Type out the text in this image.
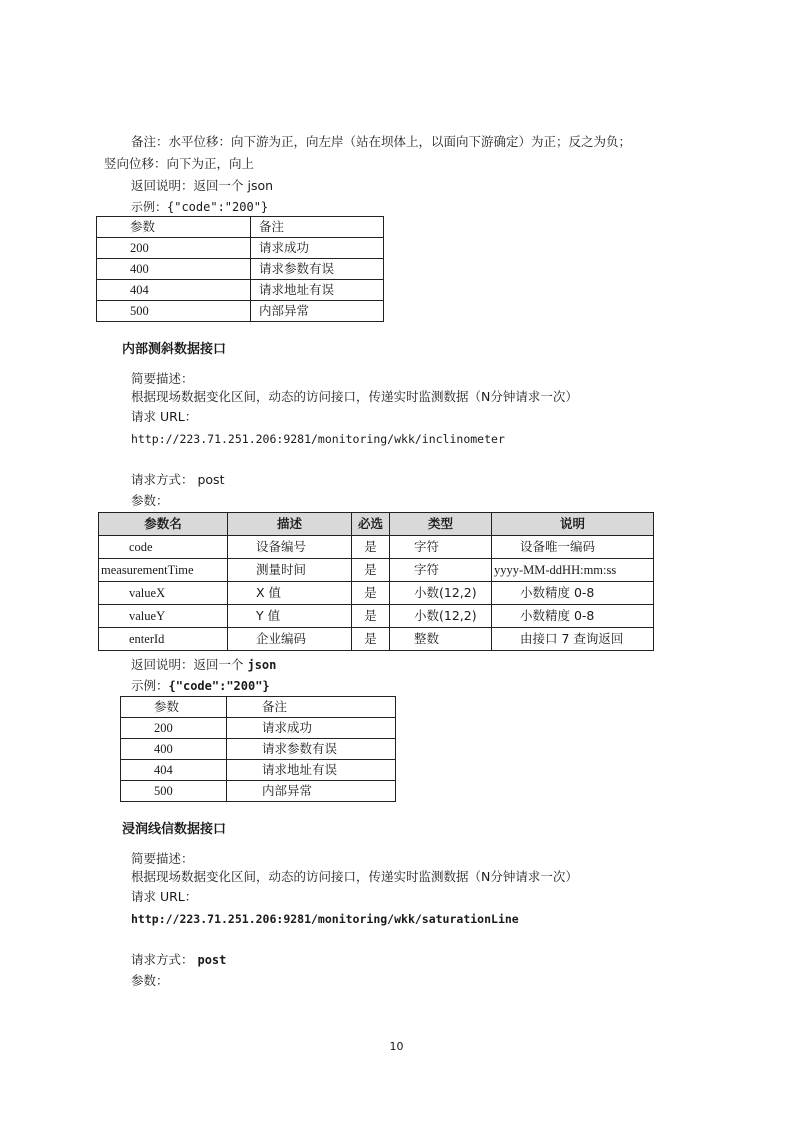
备注：水平位移：向下游为正，向左岸（站在坝体上，以面向下游确定）为正；反之为负；
竖向位移：向下为正，向上
返回说明：返回一个 json
示例：{"code":"200"}
参数	备注
200	请求成功
400	请求参数有误
404	请求地址有误
500	内部异常
内部测斜数据接口
简要描述：
根据现场数据变化区间，动态的访问接口，传递实时监测数据（N分钟请求一次）
请求 URL：
http://223.71.251.206:9281/monitoring/wkk/inclinometer
请求方式： post
参数：
参数名	描述	必选	类型	说明
code	设备编号	是	字符	设备唯一编码
measurementTime	测量时间	是	字符	yyyy-MM-ddHH:mm:ss
valueX	X 值	是	小数(12,2)	小数精度 0-8
valueY	Y 值	是	小数(12,2)	小数精度 0-8
enterId	企业编码	是	整数	由接口 7 查询返回
返回说明：返回一个 json
示例：{"code":"200"}
参数	备注
200	请求成功
400	请求参数有误
404	请求地址有误
500	内部异常
浸润线信数据接口
简要描述：
根据现场数据变化区间，动态的访问接口，传递实时监测数据（N分钟请求一次）
请求 URL：
http://223.71.251.206:9281/monitoring/wkk/saturationLine
请求方式： post
参数：
10
